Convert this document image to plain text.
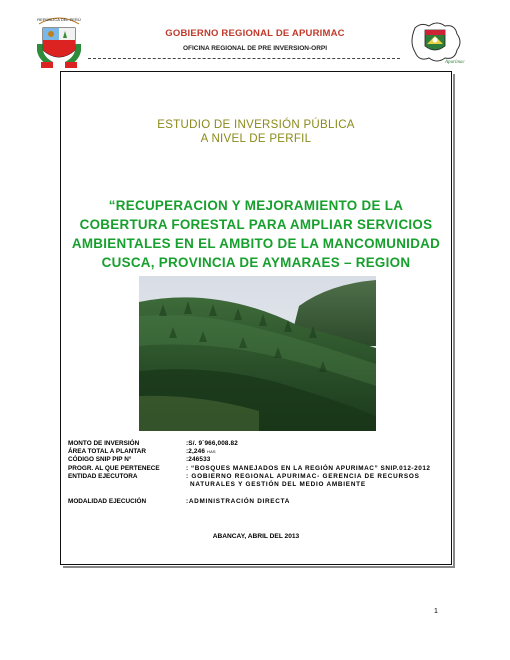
REPÚBLICA DEL PERÚ
Apurímac
GOBIERNO REGIONAL DE APURIMAC
OFICINA REGIONAL DE PRE INVERSION-ORPI
ESTUDIO DE INVERSIÓN PÚBLICA
A NIVEL DE PERFIL
“RECUPERACION Y MEJORAMIENTO DE LA COBERTURA FORESTAL PARA AMPLIAR SERVICIOS AMBIENTALES EN EL AMBITO DE LA MANCOMUNIDAD CUSCA, PROVINCIA DE AYMARAES – REGION
MONTO DE INVERSIÓN	:S/. 9´966,008.82
ÁREA TOTAL A PLANTAR	:2,246 HAS
CÓDIGO SNIP PIP N°	:246533
PROGR. AL QUE PERTENECE	: “BOSQUES MANEJADOS EN LA REGIÓN APURIMAC” SNIP.012-2012
ENTIDAD EJECUTORA	: GOBIERNO REGIONAL APURIMAC- GERENCIA DE RECURSOS
NATURALES Y GESTIÓN DEL MEDIO AMBIENTE
MODALIDAD EJECUCIÓN	:ADMINISTRACIÓN DIRECTA
ABANCAY, ABRIL DEL 2013
1
